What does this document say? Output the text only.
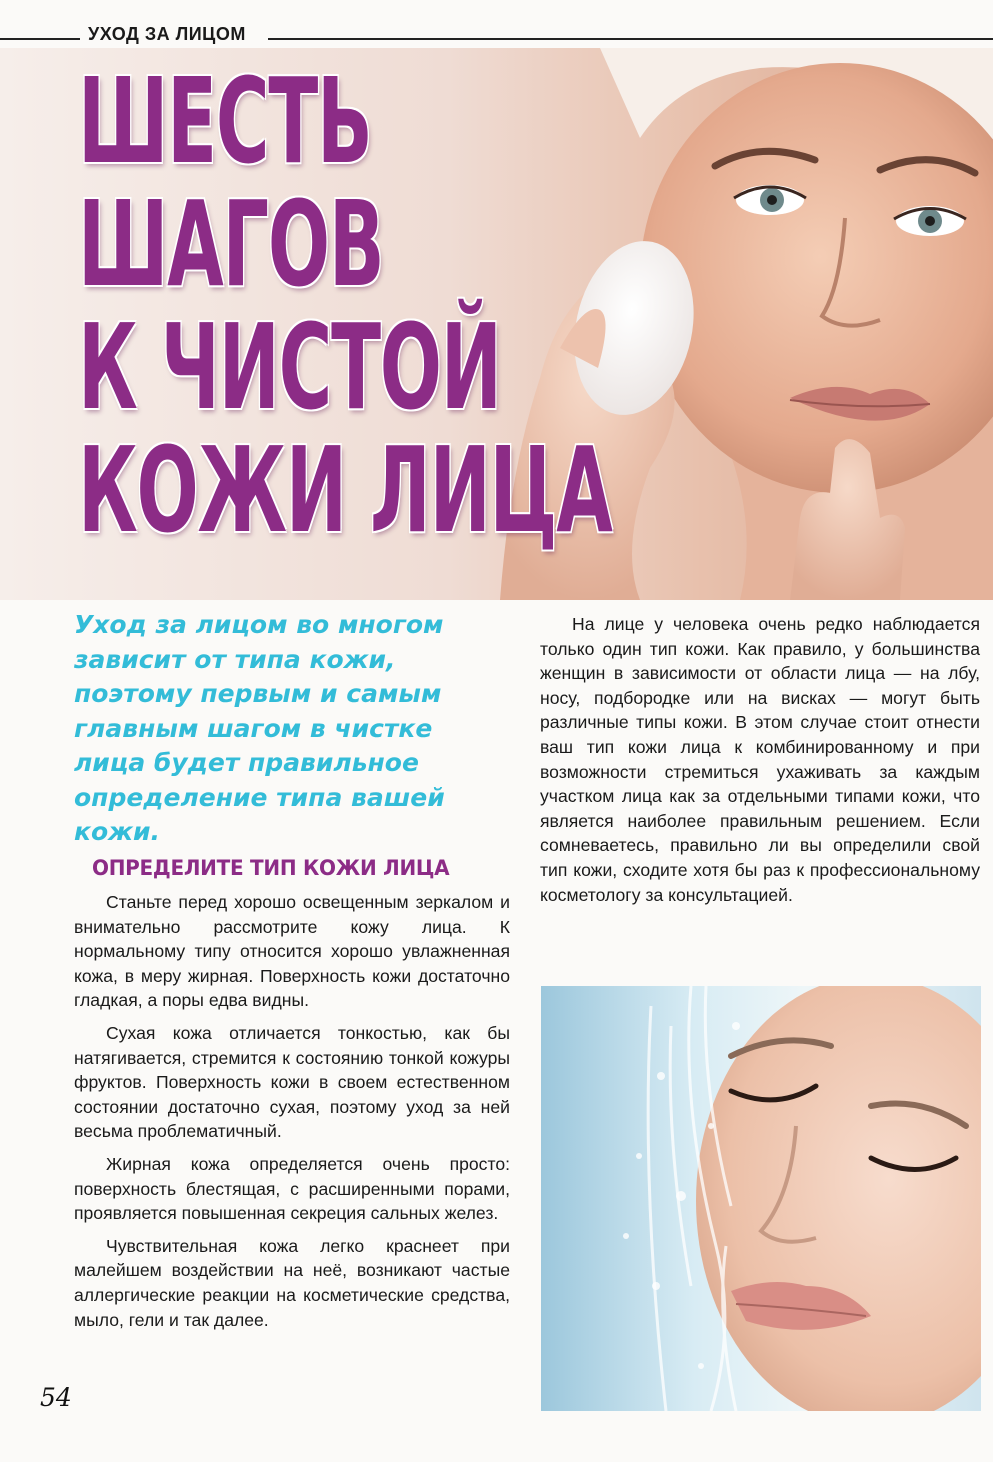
УХОД ЗА ЛИЦОМ
ШЕСТЬ
ШАГОВ
К ЧИСТОЙ
КОЖИ ЛИЦА

Уход за лицом во многом зависит от типа кожи, поэтому первым и самым главным шагом в чистке лица будет правильное определение типа вашей кожи.

ОПРЕДЕЛИТЕ ТИП КОЖИ ЛИЦА

Станьте перед хорошо освещенным зеркалом и внимательно рассмотрите кожу лица. К нормальному типу относится хорошо увлажненная кожа, в меру жирная. Поверхность кожи достаточно гладкая, а поры едва видны.

Сухая кожа отличается тонкостью, как бы натягивается, стремится к состоянию тонкой кожуры фруктов. Поверхность кожи в своем естественном состоянии достаточно сухая, поэтому уход за ней весьма проблематичный.

Жирная кожа определяется очень просто: поверхность блестящая, с расширенными порами, проявляется повышенная секреция сальных желез.

Чувствительная кожа легко краснеет при малейшем воздействии на неё, возникают частые аллергические реакции на косметические средства, мыло, гели и так далее.

На лице у человека очень редко наблюдается только один тип кожи. Как правило, у большинства женщин в зависимости от области лица — на лбу, носу, подбородке или на висках — могут быть различные типы кожи. В этом случае стоит отнести ваш тип кожи лица к комбинированному и при возможности стремиться ухаживать за каждым участком лица как за отдельными типами кожи, что является наиболее правильным решением. Если сомневаетесь, правильно ли вы определили свой тип кожи, сходите хотя бы раз к профессиональному косметологу за консультацией.

54
